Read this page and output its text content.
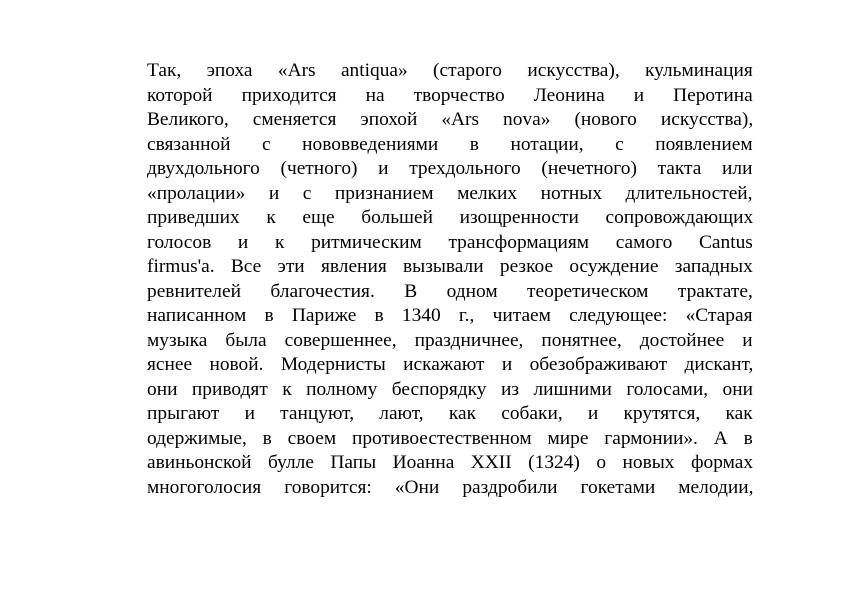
Так, эпоха «Ars antiqua» (старого искусства), кульминация
которой приходится на творчество Леонина и Перотина
Великого, сменяется эпохой «Ars nova» (нового искусства),
связанной с нововведениями в нотации, с появлением
двухдольного (четного) и трехдольного (нечетного) такта или
«пролации» и с признанием мелких нотных длительностей,
приведших к еще большей изощренности сопровождающих
голосов и к ритмическим трансформациям самого Cantus
firmus'a. Все эти явления вызывали резкое осуждение западных
ревнителей благочестия. В одном теоретическом трактате,
написанном в Париже в 1340 г., читаем следующее: «Старая
музыка была совершеннее, праздничнее, понятнее, достойнее и
яснее новой. Модернисты искажают и обезображивают дискант,
они приводят к полному беспорядку из лишними голосами, они
прыгают и танцуют, лают, как собаки, и крутятся, как
одержимые, в своем противоестественном мире гармонии». А в
авиньонской булле Папы Иоанна XXII (1324) о новых формах
многоголосия говорится: «Они раздробили гокетами мелодии,
